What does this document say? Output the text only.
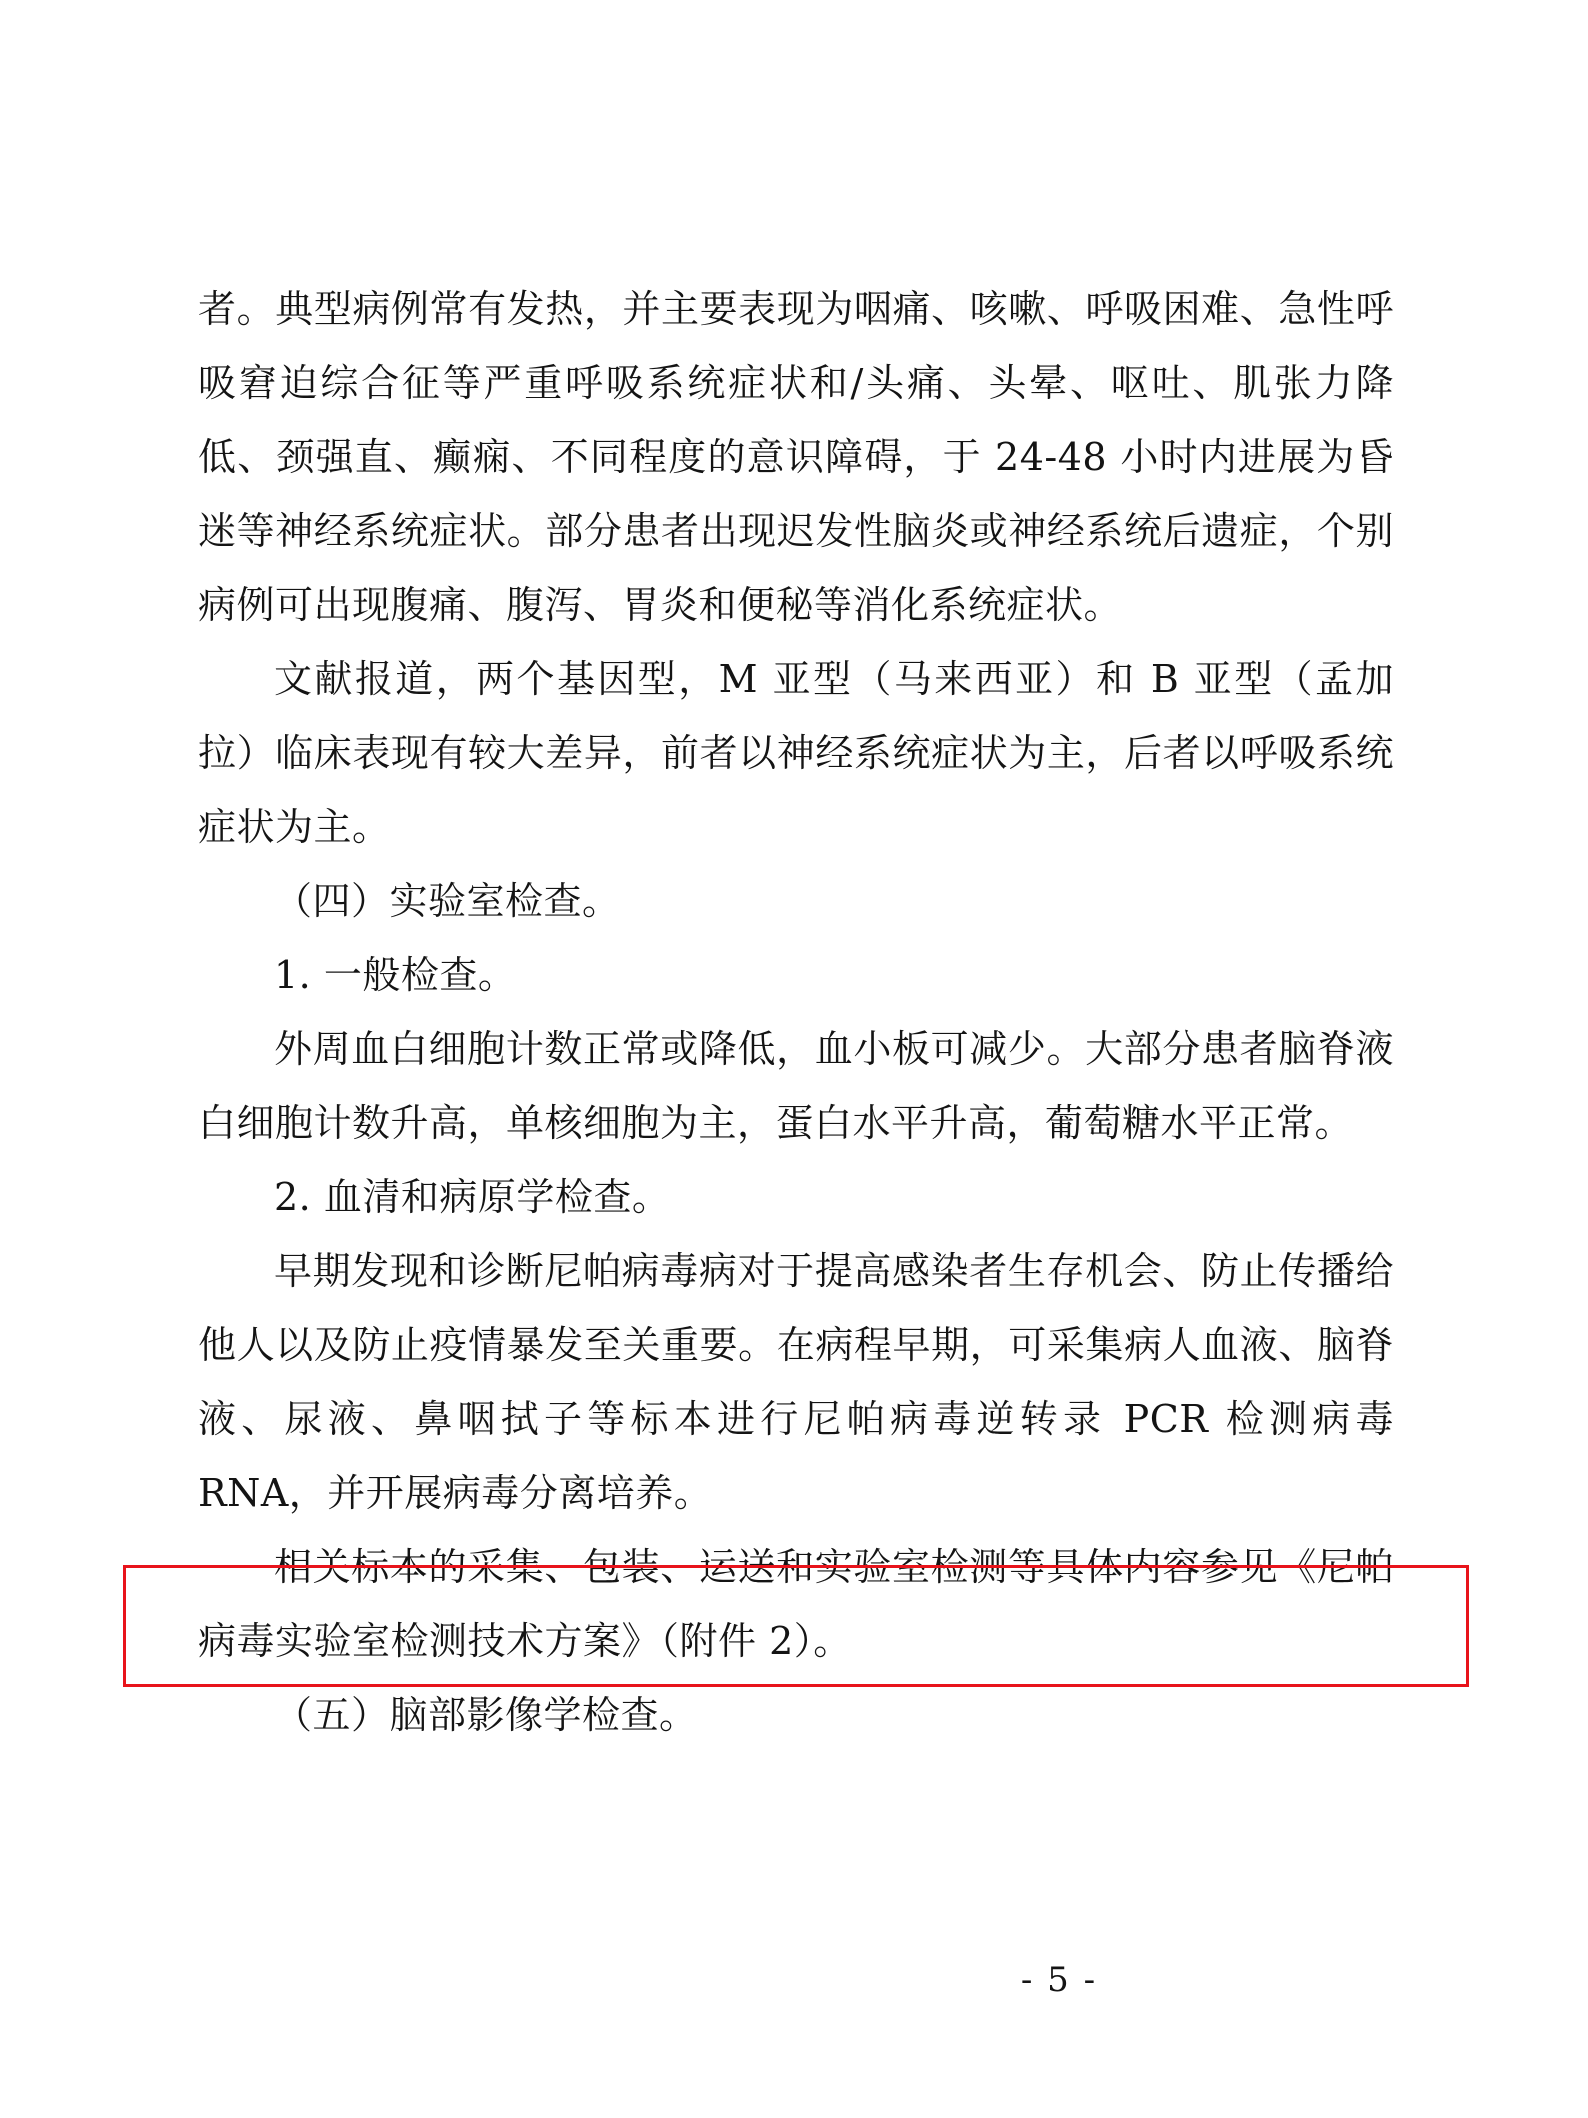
者。典型病例常有发热，并主要表现为咽痛、咳嗽、呼吸困难、急性呼吸窘迫综合征等严重呼吸系统症状和/头痛、头晕、呕吐、肌张力降低、颈强直、癫痫、不同程度的意识障碍，于 24-48 小时内进展为昏迷等神经系统症状。部分患者出现迟发性脑炎或神经系统后遗症，个别病例可出现腹痛、腹泻、胃炎和便秘等消化系统症状。

文献报道，两个基因型，M 亚型（马来西亚）和 B 亚型（孟加拉）临床表现有较大差异，前者以神经系统症状为主，后者以呼吸系统症状为主。

（四）实验室检查。

1. 一般检查。

外周血白细胞计数正常或降低，血小板可减少。大部分患者脑脊液白细胞计数升高，单核细胞为主，蛋白水平升高，葡萄糖水平正常。

2. 血清和病原学检查。

早期发现和诊断尼帕病毒病对于提高感染者生存机会、防止传播给他人以及防止疫情暴发至关重要。在病程早期，可采集病人血液、脑脊液、尿液、鼻咽拭子等标本进行尼帕病毒逆转录 PCR 检测病毒 RNA，并开展病毒分离培养。

相关标本的采集、包装、运送和实验室检测等具体内容参见《尼帕病毒实验室检测技术方案》（附件 2）。

（五）脑部影像学检查。

- 5 -
